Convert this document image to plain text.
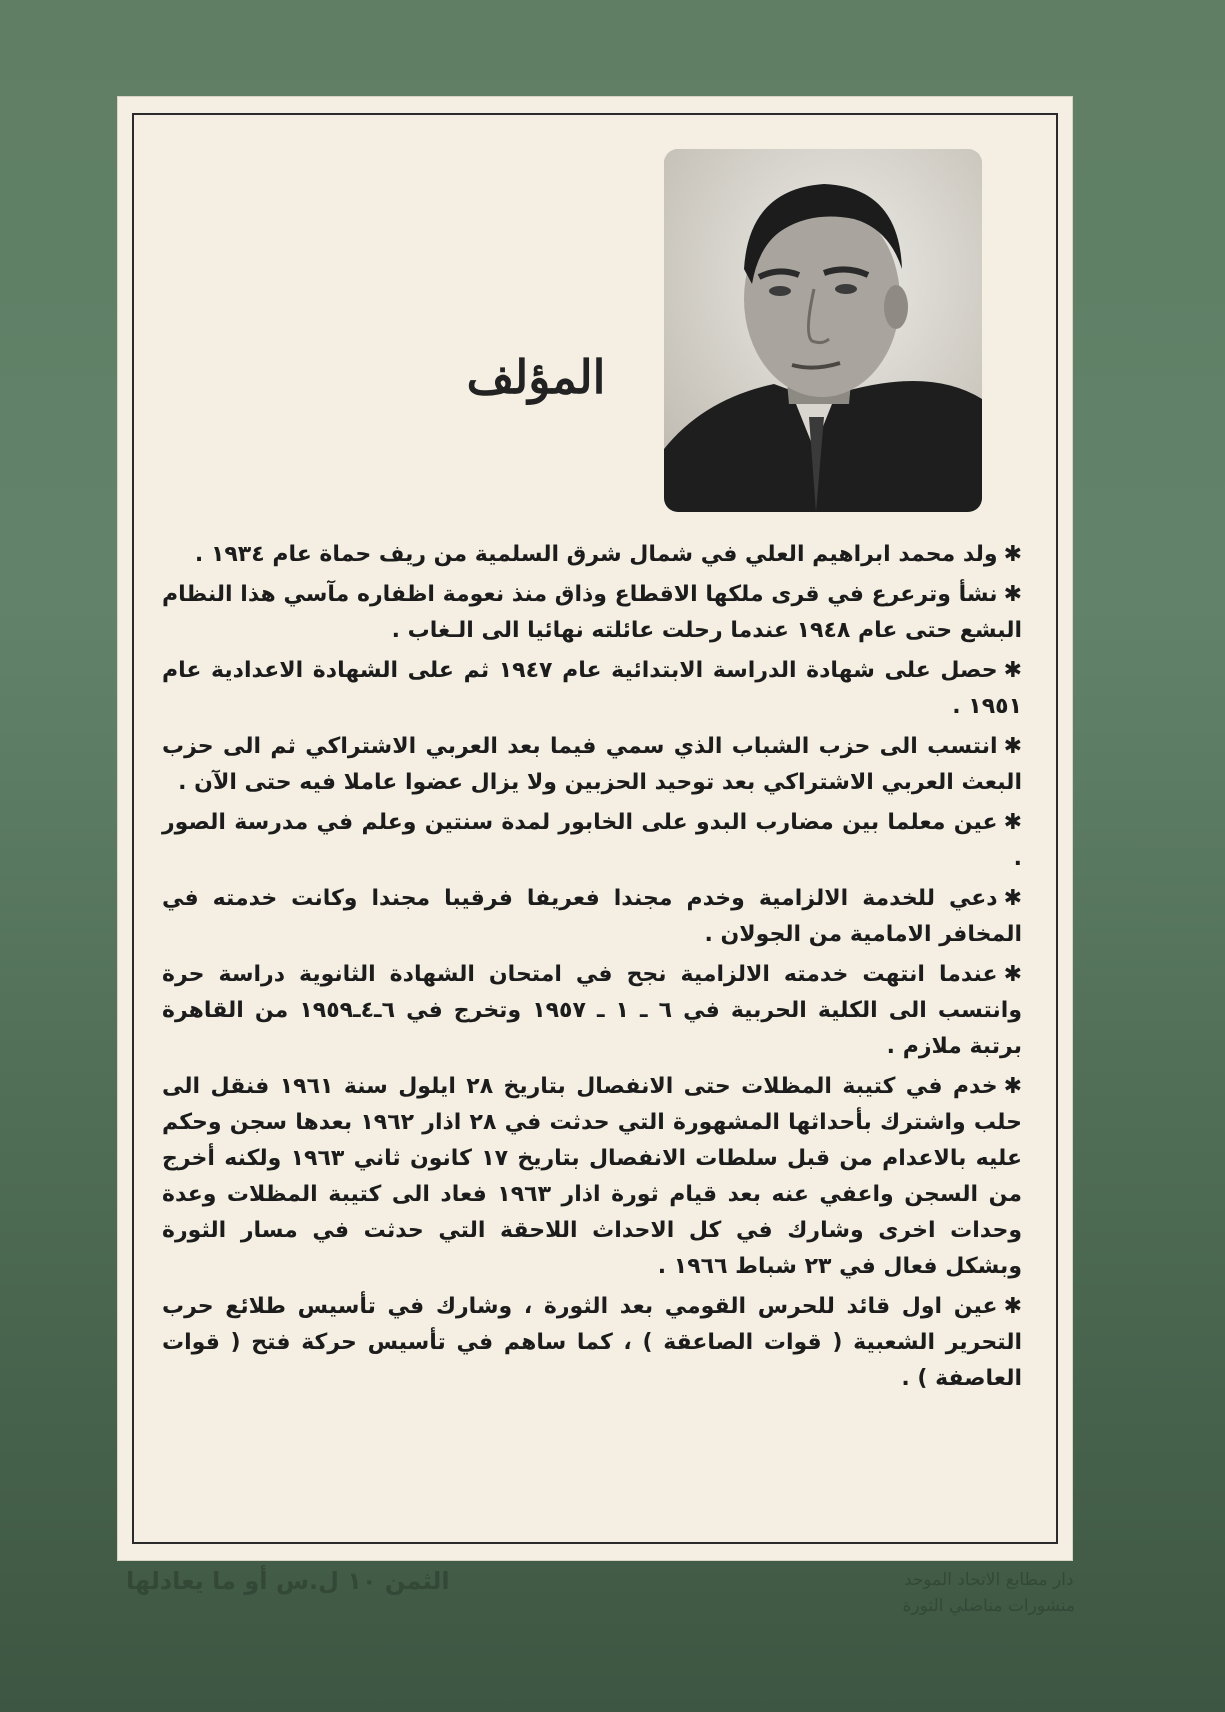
المؤلف

✱ولد محمد ابراهيم العلي في شمال شرق السلمية من ريف حماة عام ١٩٣٤ .

✱نشأ وترعرع في قرى ملكها الاقطاع وذاق منذ نعومة اظفاره مآسي هذا النظام البشع حتى عام ١٩٤٨ عندما رحلت عائلته نهائيا الى الـغاب .

✱حصل على شهادة الدراسة الابتدائية عام ١٩٤٧ ثم على الشهادة الاعدادية عام ١٩٥١ .

✱انتسب الى حزب الشباب الذي سمي فيما بعد العربي الاشتراكي ثم الى حزب البعث العربي الاشتراكي بعد توحيد الحزبين ولا يزال عضوا عاملا فيه حتى الآن .

✱عين معلما بين مضارب البدو على الخابور لمدة سنتين وعلم في مدرسة الصور .

✱دعي للخدمة الالزامية وخدم مجندا فعريفا فرقيبا مجندا وكانت خدمته في المخافر الامامية من الجولان .

✱عندما انتهت خدمته الالزامية نجح في امتحان الشهادة الثانوية دراسة حرة وانتسب الى الكلية الحربية في ٦ ـ ١ ـ ١٩٥٧ وتخرج في ٦ـ٤ـ١٩٥٩ من القاهرة برتبة ملازم .

✱خدم في كتيبة المظلات حتى الانفصال بتاريخ ٢٨ ايلول سنة ١٩٦١ فنقل الى حلب واشترك بأحداثها المشهورة التي حدثت في ٢٨ اذار ١٩٦٢ بعدها سجن وحكم عليه بالاعدام من قبل سلطات الانفصال بتاريخ ١٧ كانون ثاني ١٩٦٣ ولكنه أخرج من السجن واعفي عنه بعد قيام ثورة اذار ١٩٦٣ فعاد الى كتيبة المظلات وعدة وحدات اخرى وشارك في كل الاحداث اللاحقة التي حدثت في مسار الثورة وبشكل فعال في ٢٣ شباط ١٩٦٦ .

✱عين اول قائد للحرس القومي بعد الثورة ، وشارك في تأسيس طلائع حرب التحرير الشعبية ( قوات الصاعقة ) ، كما ساهم في تأسيس حركة فتح ( قوات العاصفة ) .

الثمن ١٠ ل.س أو ما يعادلها	دار مطابع الاتحاد الموحد
منشورات مناضلي الثورة
